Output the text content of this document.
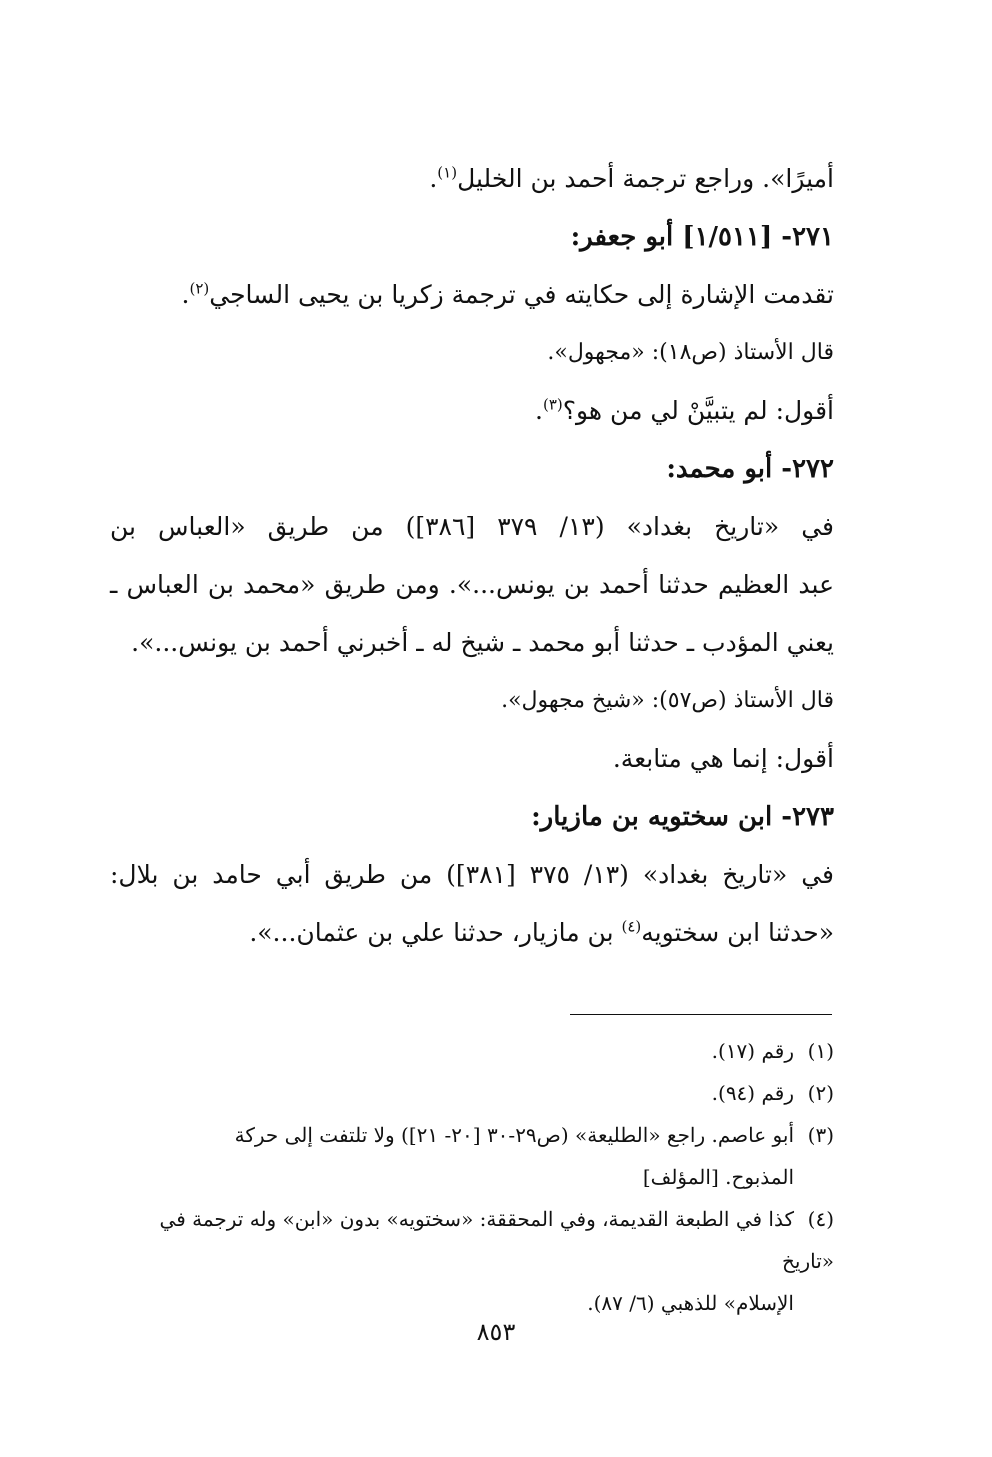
أميرًا». وراجع ترجمة أحمد بن الخليل$^{(١)}$.
٢٧١- [١/٥١١] أبو جعفر:
تقدمت الإشارة إلى حكايته في ترجمة زكريا بن يحيى الساجي$^{(٢)}$.
قال الأستاذ (ص١٨): «مجهول».
أقول: لم يتبيَّنْ لي من هو؟$^{(٣)}$.
٢٧٢- أبو محمد:
في «تاريخ بغداد» (١٣/ ٣٧٩ [٣٨٦]) من طريق «العباس بن
عبد العظيم حدثنا أحمد بن يونس...». ومن طريق «محمد بن العباس ـ
يعني المؤدب ـ حدثنا أبو محمد ـ شيخ له ـ أخبرني أحمد بن يونس...».
قال الأستاذ (ص٥٧): «شيخ مجهول».
أقول: إنما هي متابعة.
٢٧٣- ابن سختويه بن مازيار:
في «تاريخ بغداد» (١٣/ ٣٧٥ [٣٨١]) من طريق أبي حامد بن بلال:
«حدثنا ابن سختويه$^{(٤)}$ بن مازيار، حدثنا علي بن عثمان...».
(١)رقم (١٧).
(٢)رقم (٩٤).
(٣)أبو عاصم. راجع «الطليعة» (ص٢٩-٣٠ [٢٠- ٢١]) ولا تلتفت إلى حركة
المذبوح. [المؤلف]
(٤)كذا في الطبعة القديمة، وفي المحققة: «سختويه» بدون «ابن» وله ترجمة في «تاريخ
الإسلام» للذهبي (٦/ ٨٧).
٨٥٣
